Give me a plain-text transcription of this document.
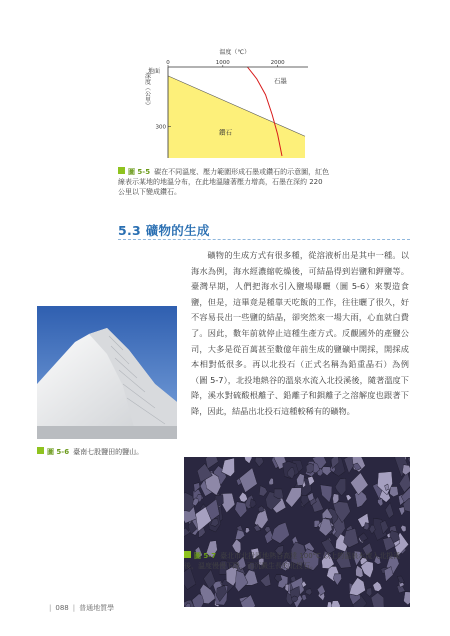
0	1000	2000
300
溫度（℃）
地面
深度（公里）	石墨
鑽石
圖 5-5 碳在不同溫度、壓力範圍形成石墨或鑽石的示意圖，紅色線表示某地的地溫分布，在此地溫隨著壓力增高，石墨在深約 220 公里以下變成鑽石。
5.3 礦物的生成

礦物的生成方式有很多種，從溶液析出是其中一種。以海水為例，海水經濃縮乾燥後，可結晶得到岩鹽和鉀鹽等。臺灣早期，人們把海水引入鹽場曝曬（圖 5-6）來製造食鹽，但是，這畢竟是種靠天吃飯的工作，往往曬了很久，好不容易長出一些鹽的結晶，卻突然來一場大雨，心血就白費了。因此，數年前就停止這種生產方式。反觀國外的產鹽公司，大多是從百萬甚至數億年前生成的鹽礦中開採，開採成本相對低很多。再以北投石（正式名稱為鉛重晶石）為例（圖 5-7），北投地熱谷的溫泉水流入北投溪後，隨著溫度下降，溪水對硫酸根離子、鉛離子和鋇離子之溶解度也跟著下降，因此，結晶出北投石這種較稀有的礦物。

圖 5-6 臺南七股鹽田的鹽山。
圖 5-7 臺北市北投區地熱谷高達 100°C 以上的溫泉水流入北投溪後，溫度慢慢下降，而沉澱生長的北投石。
| 088 | 普通地質學
